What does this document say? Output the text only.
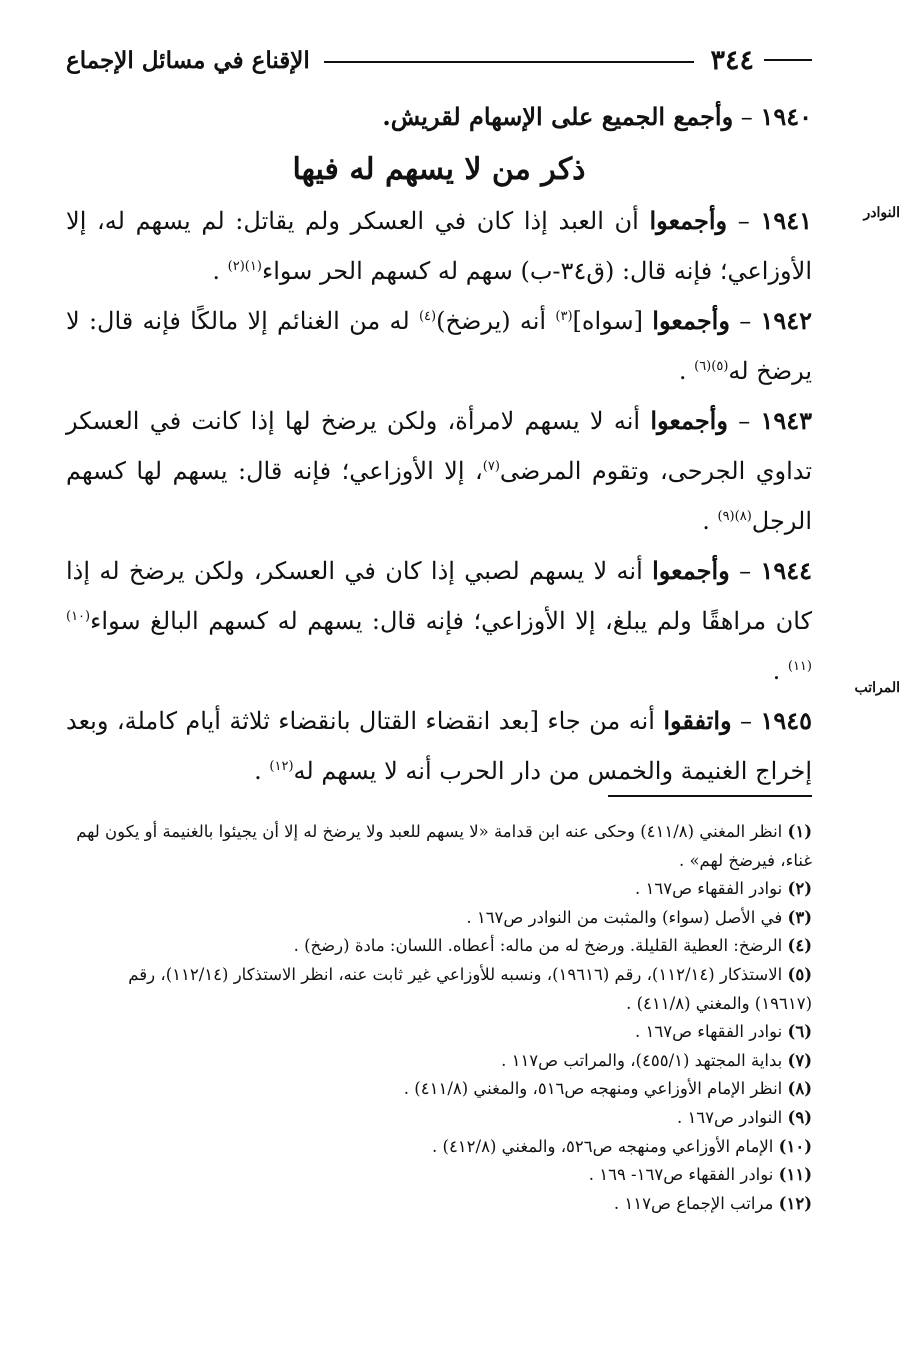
٣٤٤
الإقناع في مسائل الإجماع
النوادر
المراتب

١٩٤٠ – وأجمع الجميع على الإسهام لقريش.

ذكر من لا يسهم له فيها

١٩٤١ – وأجمعوا أن العبد إذا كان في العسكر ولم يقاتل: لم يسهم له، إلا الأوزاعي؛ فإنه قال: (ق٣٤-ب) سهم له كسهم الحر سواء$^{(١)(٢)}$ .

١٩٤٢ – وأجمعوا [سواه]$^{(٣)}$ أنه (يرضخ)$^{(٤)}$ له من الغنائم إلا مالكًا فإنه قال: لا يرضخ له$^{(٥)(٦)}$ .

١٩٤٣ – وأجمعوا أنه لا يسهم لامرأة، ولكن يرضخ لها إذا كانت في العسكر تداوي الجرحى، وتقوم المرضى$^{(٧)}$، إلا الأوزاعي؛ فإنه قال: يسهم لها كسهم الرجل$^{(٨)(٩)}$ .

١٩٤٤ – وأجمعوا أنه لا يسهم لصبي إذا كان في العسكر، ولكن يرضخ له إذا كان مراهقًا ولم يبلغ، إلا الأوزاعي؛ فإنه قال: يسهم له كسهم البالغ سواء$^{(١٠)(١١)}$ .

١٩٤٥ – واتفقوا أنه من جاء [بعد انقضاء القتال بانقضاء ثلاثة أيام كاملة، وبعد إخراج الغنيمة والخمس من دار الحرب أنه لا يسهم له$^{(١٢)}$ .

(١) انظر المغني (٤١١/٨) وحكى عنه ابن قدامة «لا يسهم للعبد ولا يرضخ له إلا أن يجيئوا بالغنيمة أو يكون لهم غناء، فيرضخ لهم» .

(٢) نوادر الفقهاء ص١٦٧ .

(٣) في الأصل (سواء) والمثبت من النوادر ص١٦٧ .

(٤) الرضخ: العطية القليلة. ورضخ له من ماله: أعطاه. اللسان: مادة (رضخ) .

(٥) الاستذكار (١١٢/١٤)، رقم (١٩٦١٦)، ونسبه للأوزاعي غير ثابت عنه، انظر الاستذكار (١١٢/١٤)، رقم (١٩٦١٧) والمغني (٤١١/٨) .

(٦) نوادر الفقهاء ص١٦٧ .

(٧) بداية المجتهد (٤٥٥/١)، والمراتب ص١١٧ .

(٨) انظر الإمام الأوزاعي ومنهجه ص٥١٦، والمغني (٤١١/٨) .

(٩) النوادر ص١٦٧ .

(١٠) الإمام الأوزاعي ومنهجه ص٥٢٦، والمغني (٤١٢/٨) .

(١١) نوادر الفقهاء ص١٦٧- ١٦٩ .

(١٢) مراتب الإجماع ص١١٧ .
